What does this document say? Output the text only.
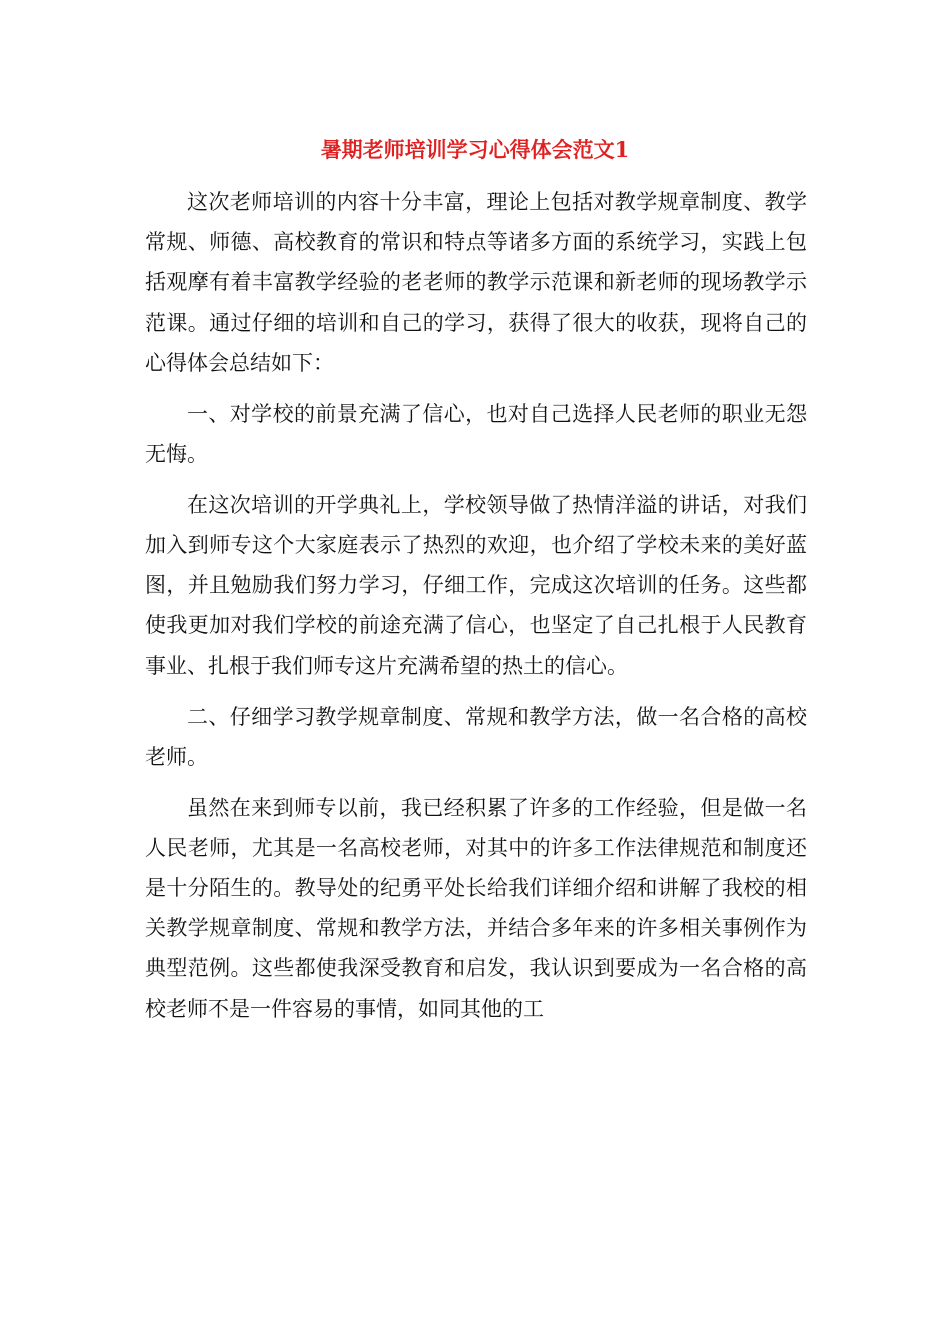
暑期老师培训学习心得体会范文1

这次老师培训的内容十分丰富，理论上包括对教学规章制度、教学常规、师德、高校教育的常识和特点等诸多方面的系统学习，实践上包括观摩有着丰富教学经验的老老师的教学示范课和新老师的现场教学示范课。通过仔细的培训和自己的学习，获得了很大的收获，现将自己的心得体会总结如下：

一、对学校的前景充满了信心，也对自己选择人民老师的职业无怨无悔。

在这次培训的开学典礼上，学校领导做了热情洋溢的讲话，对我们加入到师专这个大家庭表示了热烈的欢迎，也介绍了学校未来的美好蓝图，并且勉励我们努力学习，仔细工作，完成这次培训的任务。这些都使我更加对我们学校的前途充满了信心，也坚定了自己扎根于人民教育事业、扎根于我们师专这片充满希望的热土的信心。

二、仔细学习教学规章制度、常规和教学方法，做一名合格的高校老师。

虽然在来到师专以前，我已经积累了许多的工作经验，但是做一名人民老师，尤其是一名高校老师，对其中的许多工作法律规范和制度还是十分陌生的。教导处的纪勇平处长给我们详细介绍和讲解了我校的相关教学规章制度、常规和教学方法，并结合多年来的许多相关事例作为典型范例。这些都使我深受教育和启发，我认识到要成为一名合格的高校老师不是一件容易的事情，如同其他的工
